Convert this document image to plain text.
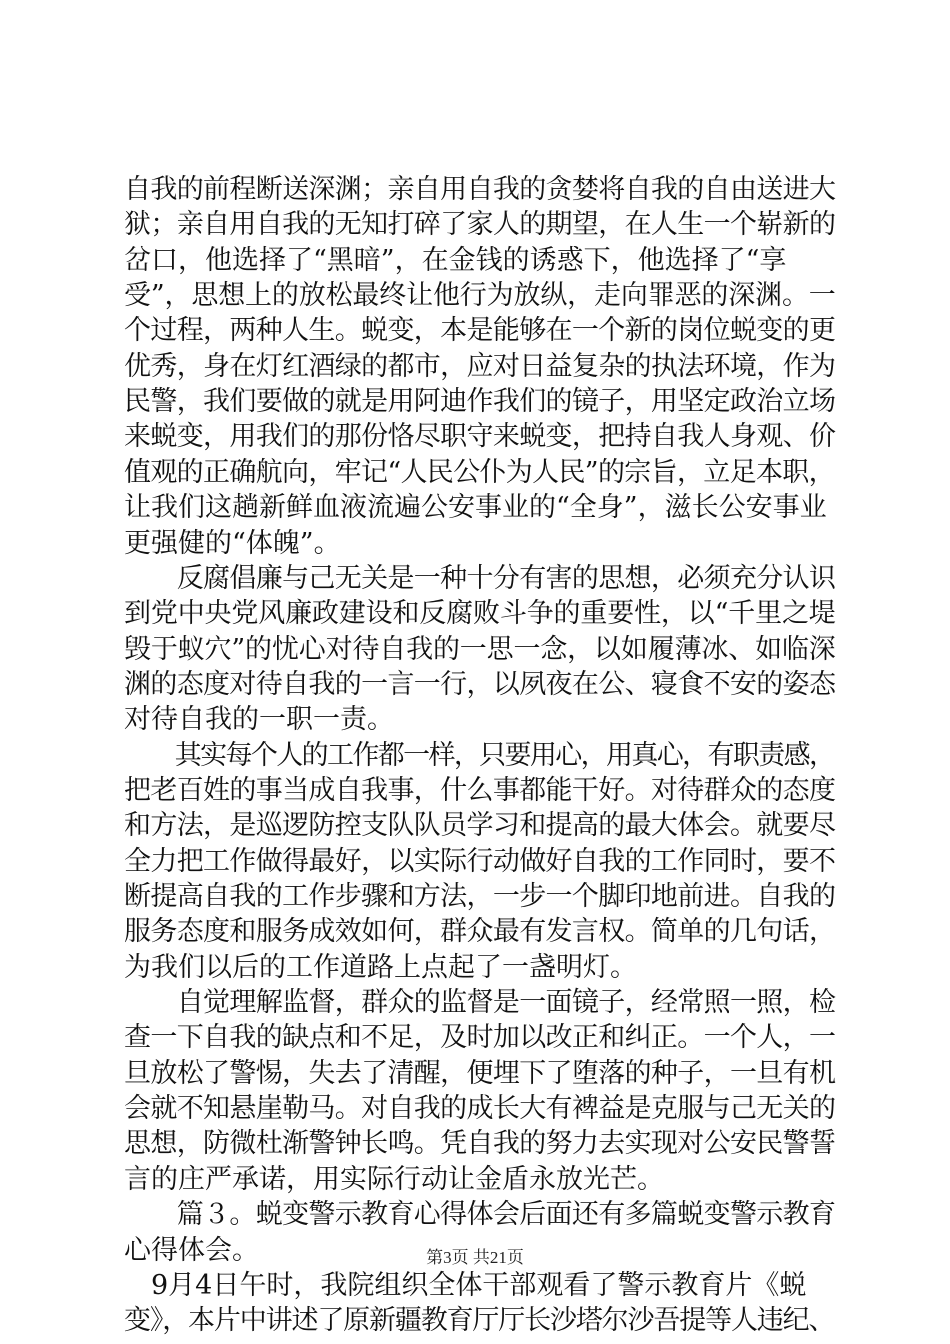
自我的前程断送深渊；亲自用自我的贪婪将自我的自由送进大
狱；亲自用自我的无知打碎了家人的期望，在人生一个崭新的
岔口，他选择了“黑暗”，在金钱的诱惑下，他选择了“享
受”，思想上的放松最终让他行为放纵，走向罪恶的深渊。一
个过程，两种人生。蜕变，本是能够在一个新的岗位蜕变的更
优秀，身在灯红酒绿的都市，应对日益复杂的执法环境，作为
民警，我们要做的就是用阿迪作我们的镜子，用坚定政治立场
来蜕变，用我们的那份恪尽职守来蜕变，把持自我人身观、价
值观的正确航向，牢记“人民公仆为人民”的宗旨，立足本职，
让我们这趟新鲜血液流遍公安事业的“全身”，滋长公安事业
更强健的“体魄”。
　　反腐倡廉与己无关是一种十分有害的思想，必须充分认识
到党中央党风廉政建设和反腐败斗争的重要性，以“千里之堤
毁于蚁穴”的忧心对待自我的一思一念，以如履薄冰、如临深
渊的态度对待自我的一言一行，以夙夜在公、寝食不安的姿态
对待自我的一职一责。
　　其实每个人的工作都一样，只要用心，用真心，有职责感，
把老百姓的事当成自我事，什么事都能干好。对待群众的态度
和方法，是巡逻防控支队队员学习和提高的最大体会。就要尽
全力把工作做得最好，以实际行动做好自我的工作同时，要不
断提高自我的工作步骤和方法，一步一个脚印地前进。自我的
服务态度和服务成效如何，群众最有发言权。简单的几句话，
为我们以后的工作道路上点起了一盏明灯。
　　自觉理解监督，群众的监督是一面镜子，经常照一照，检
查一下自我的缺点和不足，及时加以改正和纠正。一个人，一
旦放松了警惕，失去了清醒，便埋下了堕落的种子，一旦有机
会就不知悬崖勒马。对自我的成长大有裨益是克服与己无关的
思想，防微杜渐警钟长鸣。凭自我的努力去实现对公安民警誓
言的庄严承诺，用实际行动让金盾永放光芒。
　　篇３。蜕变警示教育心得体会后面还有多篇蜕变警示教育
心得体会。
　9月4日午时，我院组织全体干部观看了警示教育片《蜕
变》，本片中讲述了原新疆教育厅厅长沙塔尔沙吾提等人违纪、
第3页 共21页
